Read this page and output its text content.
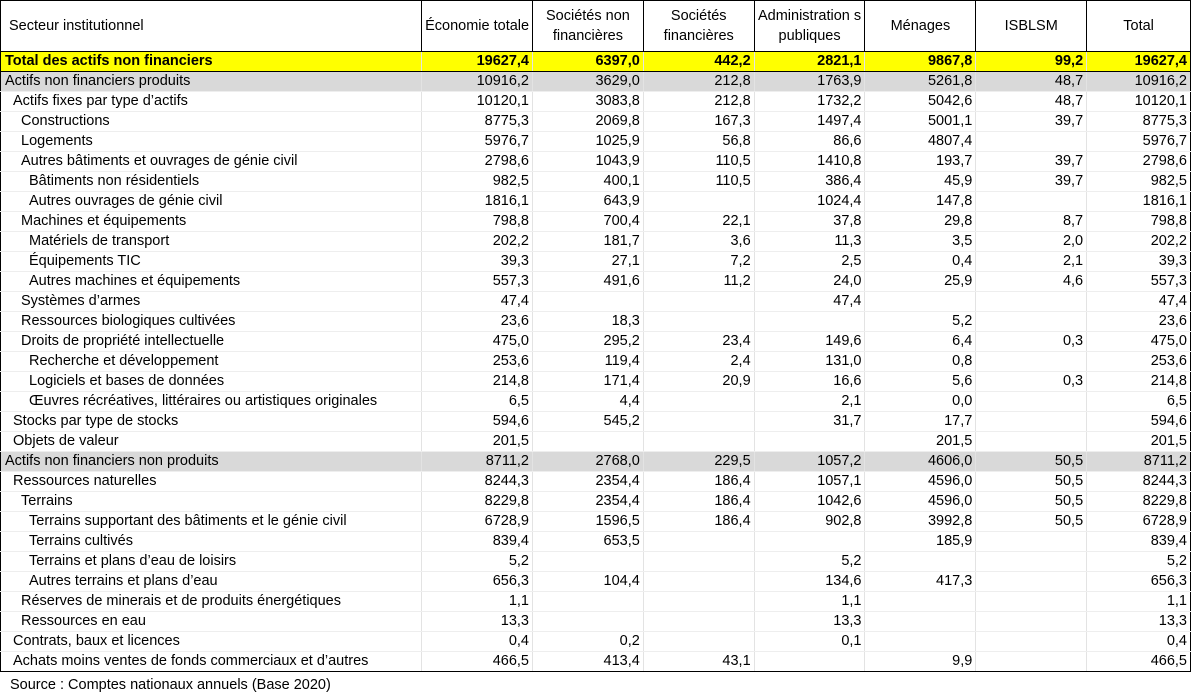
Secteur institutionnel	Économie totale	Sociétés non financières	Sociétés financières	Administration s publiques	Ménages	ISBLSM	Total
Total des actifs non financiers	19627,4	6397,0	442,2	2821,1	9867,8	99,2	19627,4
Actifs non financiers produits	10916,2	3629,0	212,8	1763,9	5261,8	48,7	10916,2
Actifs fixes par type d’actifs	10120,1	3083,8	212,8	1732,2	5042,6	48,7	10120,1
Constructions	8775,3	2069,8	167,3	1497,4	5001,1	39,7	8775,3
Logements	5976,7	1025,9	56,8	86,6	4807,4		5976,7
Autres bâtiments et ouvrages de génie civil	2798,6	1043,9	110,5	1410,8	193,7	39,7	2798,6
Bâtiments non résidentiels	982,5	400,1	110,5	386,4	45,9	39,7	982,5
Autres ouvrages de génie civil	1816,1	643,9		1024,4	147,8		1816,1
Machines et équipements	798,8	700,4	22,1	37,8	29,8	8,7	798,8
Matériels de transport	202,2	181,7	3,6	11,3	3,5	2,0	202,2
Équipements TIC	39,3	27,1	7,2	2,5	0,4	2,1	39,3
Autres machines et équipements	557,3	491,6	11,2	24,0	25,9	4,6	557,3
Systèmes d’armes	47,4			47,4			47,4
Ressources biologiques cultivées	23,6	18,3			5,2		23,6
Droits de propriété intellectuelle	475,0	295,2	23,4	149,6	6,4	0,3	475,0
Recherche et développement	253,6	119,4	2,4	131,0	0,8		253,6
Logiciels et bases de données	214,8	171,4	20,9	16,6	5,6	0,3	214,8
Œuvres récréatives, littéraires ou artistiques originales	6,5	4,4		2,1	0,0		6,5
Stocks par type de stocks	594,6	545,2		31,7	17,7		594,6
Objets de valeur	201,5				201,5		201,5
Actifs non financiers non produits	8711,2	2768,0	229,5	1057,2	4606,0	50,5	8711,2
Ressources naturelles	8244,3	2354,4	186,4	1057,1	4596,0	50,5	8244,3
Terrains	8229,8	2354,4	186,4	1042,6	4596,0	50,5	8229,8
Terrains supportant des bâtiments et le génie civil	6728,9	1596,5	186,4	902,8	3992,8	50,5	6728,9
Terrains cultivés	839,4	653,5			185,9		839,4
Terrains et plans d’eau de loisirs	5,2			5,2			5,2
Autres terrains et plans d’eau	656,3	104,4		134,6	417,3		656,3
Réserves de minerais et de produits énergétiques	1,1			1,1			1,1
Ressources en eau	13,3			13,3			13,3
Contrats, baux et licences	0,4	0,2		0,1			0,4
Achats moins ventes de fonds commerciaux et d’autres	466,5	413,4	43,1		9,9		466,5
Source : Comptes nationaux annuels (Base 2020)
